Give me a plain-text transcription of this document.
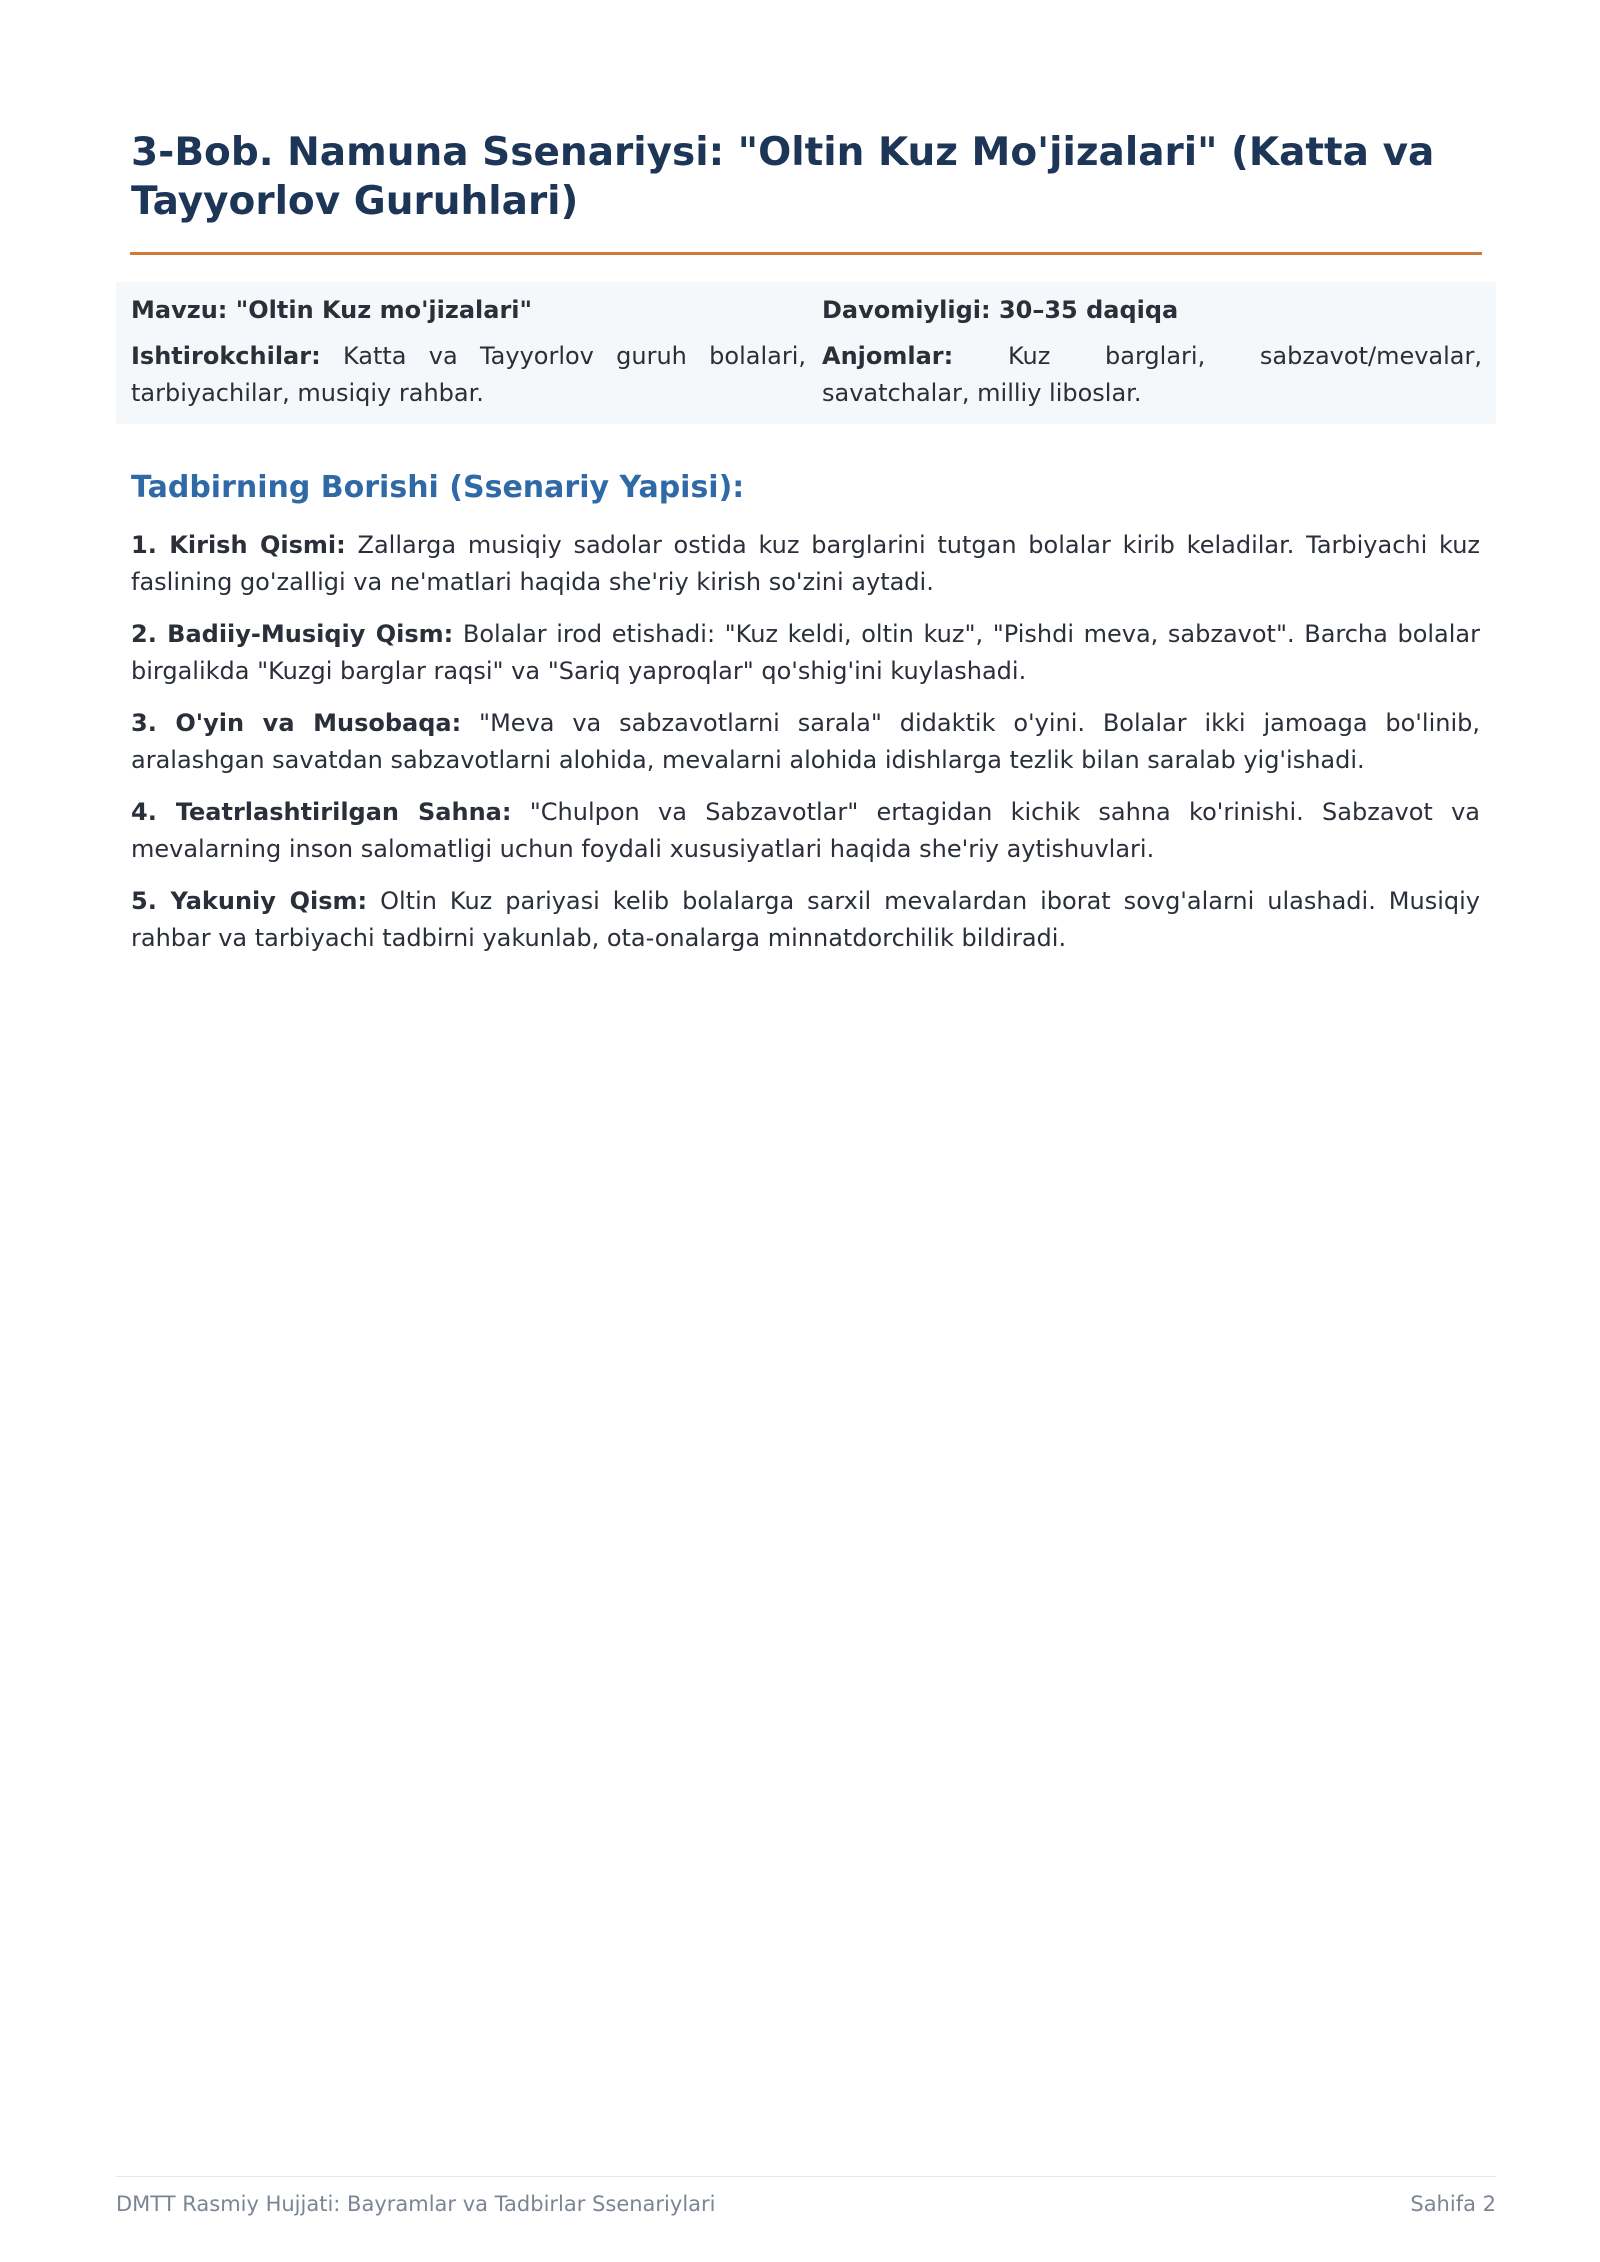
3-Bob. Namuna Ssenariysi: "Oltin Kuz Mo'jizalari" (Katta va Tayyorlov Guruhlari)
Mavzu: "Oltin Kuz mo'jizalari"	Davomiyligi: 30–35 daqiqa
Ishtirokchilar: Katta va Tayyorlov guruh bolalari, tarbiyachilar, musiqiy rahbar.
Anjomlar: Kuz barglari, sabzavot/mevalar,
savatchalar, milliy liboslar.
Tadbirning Borishi (Ssenariy Yapisi):

1. Kirish Qismi: Zallarga musiqiy sadolar ostida kuz barglarini tutgan bolalar kirib keladilar. Tarbiyachi kuz faslining go'zalligi va ne'matlari haqida she'riy kirish so'zini aytadi.

2. Badiiy-Musiqiy Qism: Bolalar irod etishadi: "Kuz keldi, oltin kuz", "Pishdi meva, sabzavot". Barcha bolalar birgalikda "Kuzgi barglar raqsi" va "Sariq yaproqlar" qo'shig'ini kuylashadi.

3. O'yin va Musobaqa: "Meva va sabzavotlarni sarala" didaktik o'yini. Bolalar ikki jamoaga bo'linib, aralashgan savatdan sabzavotlarni alohida, mevalarni alohida idishlarga tezlik bilan saralab yig'ishadi.

4. Teatrlashtirilgan Sahna: "Chulpon va Sabzavotlar" ertagidan kichik sahna ko'rinishi. Sabzavot va mevalarning inson salomatligi uchun foydali xususiyatlari haqida she'riy aytishuvlari.

5. Yakuniy Qism: Oltin Kuz pariyasi kelib bolalarga sarxil mevalardan iborat sovg'alarni ulashadi. Musiqiy rahbar va tarbiyachi tadbirni yakunlab, ota-onalarga minnatdorchilik bildiradi.

DMTT Rasmiy Hujjati: Bayramlar va Tadbirlar Ssenariylari	Sahifa 2
